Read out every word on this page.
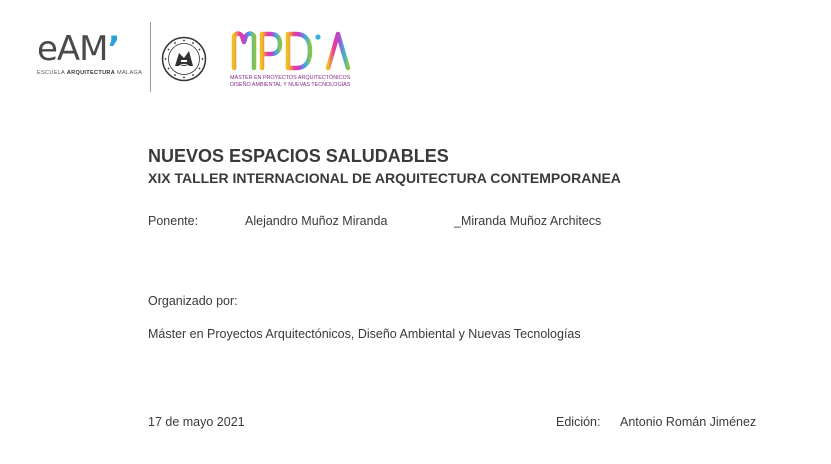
eAM’
ESCUELA ARQUITECTURA MÁLAGA
MÁSTER EN PROYECTOS ARQUITECTÓNICOS
DISEÑO AMBIENTAL Y NUEVAS TECNOLOGÍAS
NUEVOS ESPACIOS SALUDABLES
XIX TALLER INTERNACIONAL DE ARQUITECTURA CONTEMPORANEA
Ponente:	Alejandro Muñoz Miranda	_Miranda Muñoz Architecs
Organizado por:
Máster en Proyectos Arquitectónicos, Diseño Ambiental y Nuevas Tecnologías
17 de mayo 2021	Edición: Antonio Román Jiménez
